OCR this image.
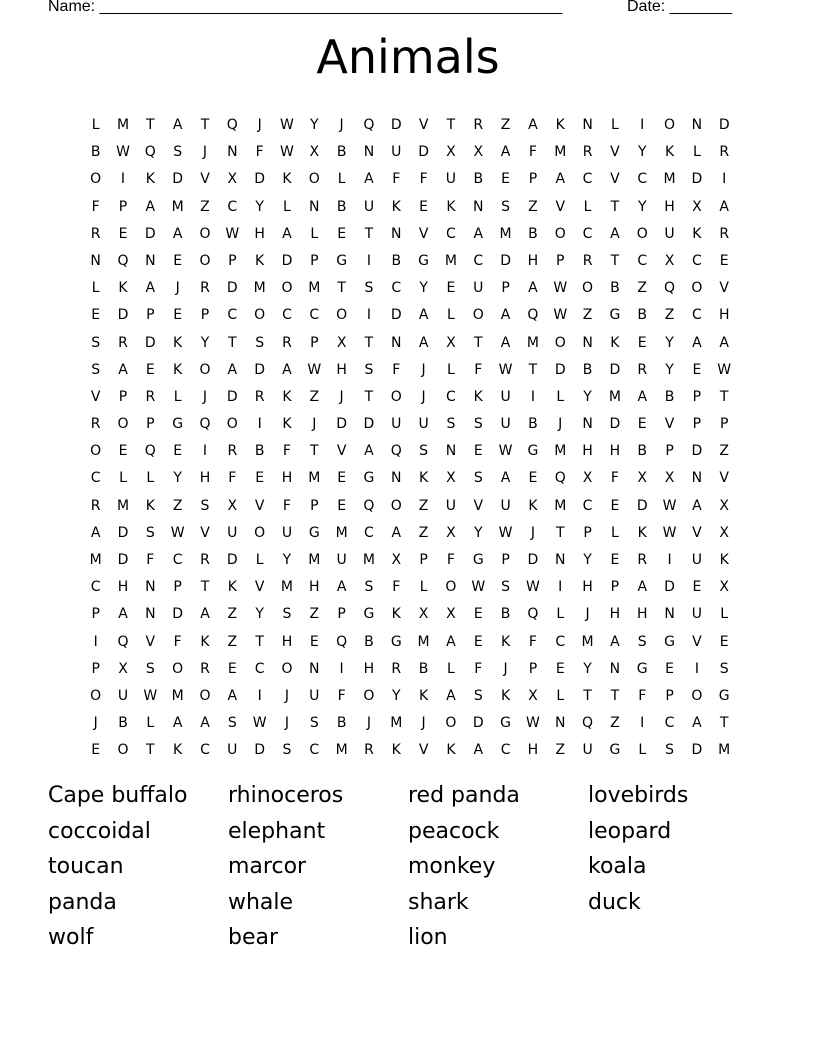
Name: ____________________________________________________	Date: _______
Animals
L	M	T	A	T	Q	J	W	Y	J	Q	D	V	T	R	Z	A	K	N	L	I	O	N	D
B	W	Q	S	J	N	F	W	X	B	N	U	D	X	X	A	F	M	R	V	Y	K	L	R
O	I	K	D	V	X	D	K	O	L	A	F	F	U	B	E	P	A	C	V	C	M	D	I
F	P	A	M	Z	C	Y	L	N	B	U	K	E	K	N	S	Z	V	L	T	Y	H	X	A
R	E	D	A	O	W	H	A	L	E	T	N	V	C	A	M	B	O	C	A	O	U	K	R
N	Q	N	E	O	P	K	D	P	G	I	B	G	M	C	D	H	P	R	T	C	X	C	E
L	K	A	J	R	D	M	O	M	T	S	C	Y	E	U	P	A	W	O	B	Z	Q	O	V
E	D	P	E	P	C	O	C	C	O	I	D	A	L	O	A	Q	W	Z	G	B	Z	C	H
S	R	D	K	Y	T	S	R	P	X	T	N	A	X	T	A	M	O	N	K	E	Y	A	A
S	A	E	K	O	A	D	A	W	H	S	F	J	L	F	W	T	D	B	D	R	Y	E	W
V	P	R	L	J	D	R	K	Z	J	T	O	J	C	K	U	I	L	Y	M	A	B	P	T
R	O	P	G	Q	O	I	K	J	D	D	U	U	S	S	U	B	J	N	D	E	V	P	P
O	E	Q	E	I	R	B	F	T	V	A	Q	S	N	E	W	G	M	H	H	B	P	D	Z
C	L	L	Y	H	F	E	H	M	E	G	N	K	X	S	A	E	Q	X	F	X	X	N	V
R	M	K	Z	S	X	V	F	P	E	Q	O	Z	U	V	U	K	M	C	E	D	W	A	X
A	D	S	W	V	U	O	U	G	M	C	A	Z	X	Y	W	J	T	P	L	K	W	V	X
M	D	F	C	R	D	L	Y	M	U	M	X	P	F	G	P	D	N	Y	E	R	I	U	K
C	H	N	P	T	K	V	M	H	A	S	F	L	O	W	S	W	I	H	P	A	D	E	X
P	A	N	D	A	Z	Y	S	Z	P	G	K	X	X	E	B	Q	L	J	H	H	N	U	L
I	Q	V	F	K	Z	T	H	E	Q	B	G	M	A	E	K	F	C	M	A	S	G	V	E
P	X	S	O	R	E	C	O	N	I	H	R	B	L	F	J	P	E	Y	N	G	E	I	S
O	U	W	M	O	A	I	J	U	F	O	Y	K	A	S	K	X	L	T	T	F	P	O	G
J	B	L	A	A	S	W	J	S	B	J	M	J	O	D	G	W	N	Q	Z	I	C	A	T
E	O	T	K	C	U	D	S	C	M	R	K	V	K	A	C	H	Z	U	G	L	S	D	M
Cape buffalo	rhinoceros	red panda	lovebirds
coccoidal	elephant	peacock	leopard
toucan	marcor	monkey	koala
panda	whale	shark	duck
wolf	bear	lion
